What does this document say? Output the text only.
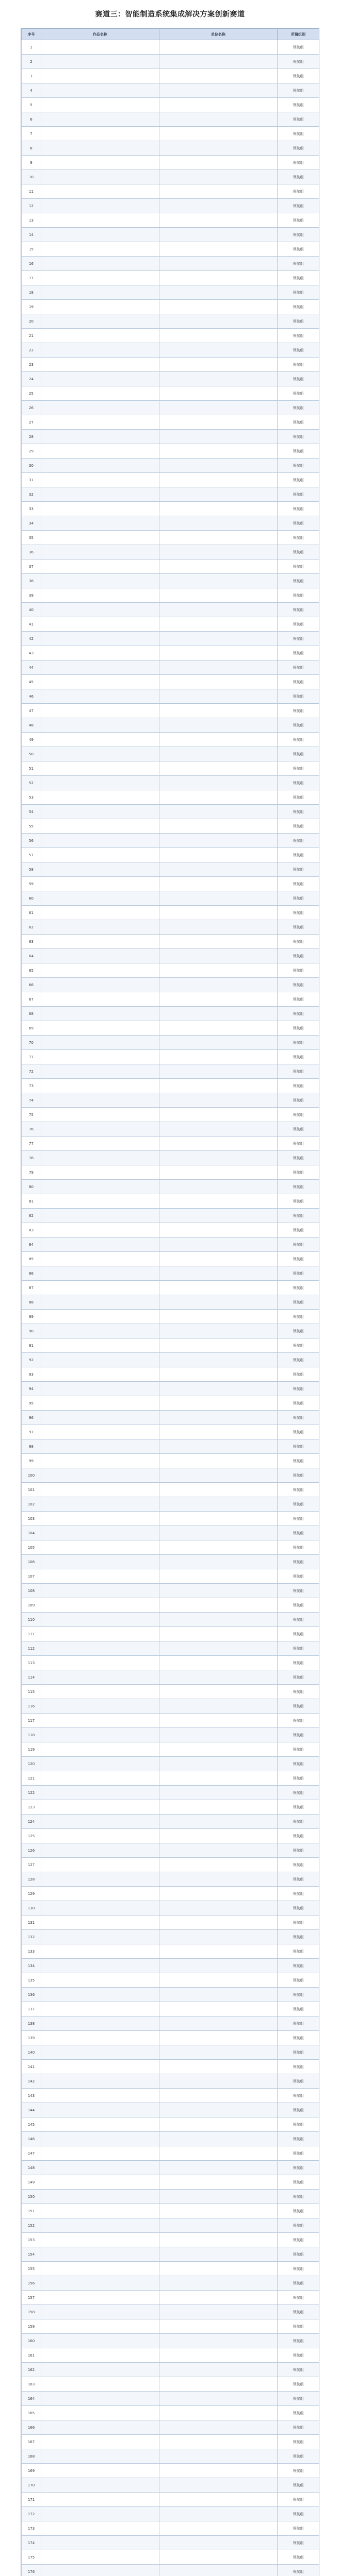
赛道三：智能制造系统集成解决方案创新赛道
序号	作品名称	单位名称	所属组别
1			领航组
2			领航组
3			领航组
4			领航组
5			领航组
6			领航组
7			领航组
8			领航组
9			领航组
10			领航组
11			领航组
12			领航组
13			领航组
14			领航组
15			领航组
16			领航组
17			领航组
18			领航组
19			领航组
20			领航组
21			领航组
22			领航组
23			领航组
24			领航组
25			领航组
26			领航组
27			领航组
28			领航组
29			领航组
30			领航组
31			领航组
32			领航组
33			领航组
34			领航组
35			领航组
36			领航组
37			领航组
38			领航组
39			领航组
40			领航组
41			领航组
42			领航组
43			领航组
44			领航组
45			领航组
46			领航组
47			领航组
48			领航组
49			领航组
50			领航组
51			领航组
52			领航组
53			领航组
54			领航组
55			领航组
56			领航组
57			领航组
58			领航组
59			领航组
60			领航组
61			领航组
62			领航组
63			领航组
64			领航组
65			领航组
66			领航组
67			领航组
68			领航组
69			领航组
70			领航组
71			领航组
72			领航组
73			领航组
74			领航组
75			领航组
76			领航组
77			领航组
78			领航组
79			领航组
80			领航组
81			领航组
82			领航组
83			领航组
84			领航组
85			领航组
86			领航组
87			领航组
88			领航组
89			领航组
90			领航组
91			领航组
92			领航组
93			领航组
94			领航组
95			领航组
96			领航组
97			领航组
98			领航组
99			领航组
100			领航组
101			领航组
102			领航组
103			领航组
104			领航组
105			领航组
106			领航组
107			领航组
108			领航组
109			领航组
110			领航组
111			领航组
112			领航组
113			领航组
114			领航组
115			领航组
116			领航组
117			领航组
118			领航组
119			领航组
120			领航组
121			领航组
122			领航组
123			领航组
124			领航组
125			领航组
126			领航组
127			领航组
128			领航组
129			领航组
130			领航组
131			领航组
132			领航组
133			领航组
134			领航组
135			领航组
136			领航组
137			领航组
138			领航组
139			领航组
140			领航组
141			领航组
142			领航组
143			领航组
144			领航组
145			领航组
146			领航组
147			领航组
148			领航组
149			领航组
150			领航组
151			领航组
152			领航组
153			领航组
154			领航组
155			领航组
156			领航组
157			领航组
158			领航组
159			领航组
160			领航组
161			领航组
162			领航组
163			领航组
164			领航组
165			领航组
166			领航组
167			领航组
168			领航组
169			领航组
170			领航组
171			领航组
172			领航组
173			领航组
174			领航组
175			领航组
176			领航组
